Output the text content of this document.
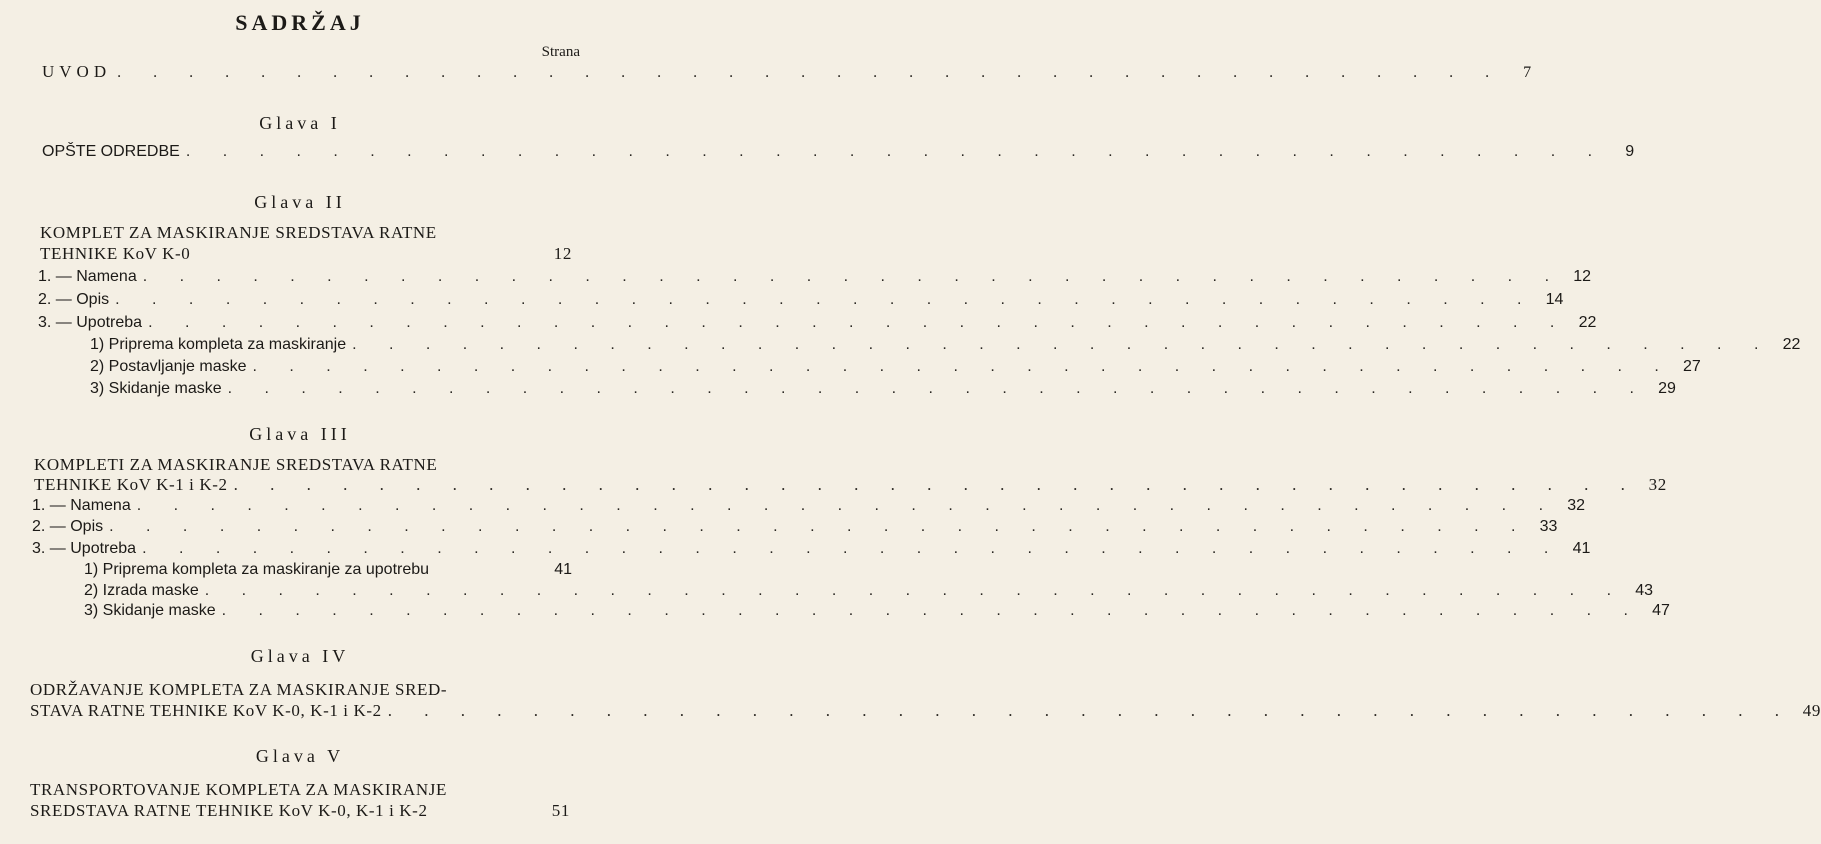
SADRŽAJ
Strana
UVOD . . . . . . . . . . . . . . . . . . . . . . . . . . . . . . . . . . . . . . .	7
Glava I
OPŠTE ODREDBE . . . . . . . . . . . . . . . . . . . . . . . . . . . . . . . . . . . . . . .	9
Glava II
KOMPLET ZA MASKIRANJE SREDSTAVA RATNE
TEHNIKE KoV K-0	12
1. — Namena . . . . . . . . . . . . . . . . . . . . . . . . . . . . . . . . . . . . . . . 12
2. — Opis . . . . . . . . . . . . . . . . . . . . . . . . . . . . . . . . . . . . . . . 14
3. — Upotreba . . . . . . . . . . . . . . . . . . . . . . . . . . . . . . . . . . . . . . . 22
1) Priprema kompleta za maskiranje . . . . . . . . . . . . . . . . . . . . . . . . . . . . . . . . . . . . . . . 22
2) Postavljanje maske . . . . . . . . . . . . . . . . . . . . . . . . . . . . . . . . . . . . . . . 27
3) Skidanje maske . . . . . . . . . . . . . . . . . . . . . . . . . . . . . . . . . . . . . . . 29
Glava III
KOMPLETI ZA MASKIRANJE SREDSTAVA RATNE
TEHNIKE KoV K-1 i K-2 . . . . . . . . . . . . . . . . . . . . . . . . . . . . . . . . . . . . . . . 32
1. — Namena . . . . . . . . . . . . . . . . . . . . . . . . . . . . . . . . . . . . . . . 32
2. — Opis . . . . . . . . . . . . . . . . . . . . . . . . . . . . . . . . . . . . . . . 33
3. — Upotreba . . . . . . . . . . . . . . . . . . . . . . . . . . . . . . . . . . . . . . . 41
1) Priprema kompleta za maskiranje za upotrebu	41
2) Izrada maske . . . . . . . . . . . . . . . . . . . . . . . . . . . . . . . . . . . . . . . 43
3) Skidanje maske . . . . . . . . . . . . . . . . . . . . . . . . . . . . . . . . . . . . . . . 47
Glava IV
ODRŽAVANJE KOMPLETA ZA MASKIRANJE SRED-
STAVA RATNE TEHNIKE KoV K-0, K-1 i K-2 . . . . . . . . . . . . . . . . . . . . . . . . . . . . . . . . . . . . . . . 49
Glava V
TRANSPORTOVANJE KOMPLETA ZA MASKIRANJE
SREDSTAVA RATNE TEHNIKE KoV K-0, K-1 i K-2	51
